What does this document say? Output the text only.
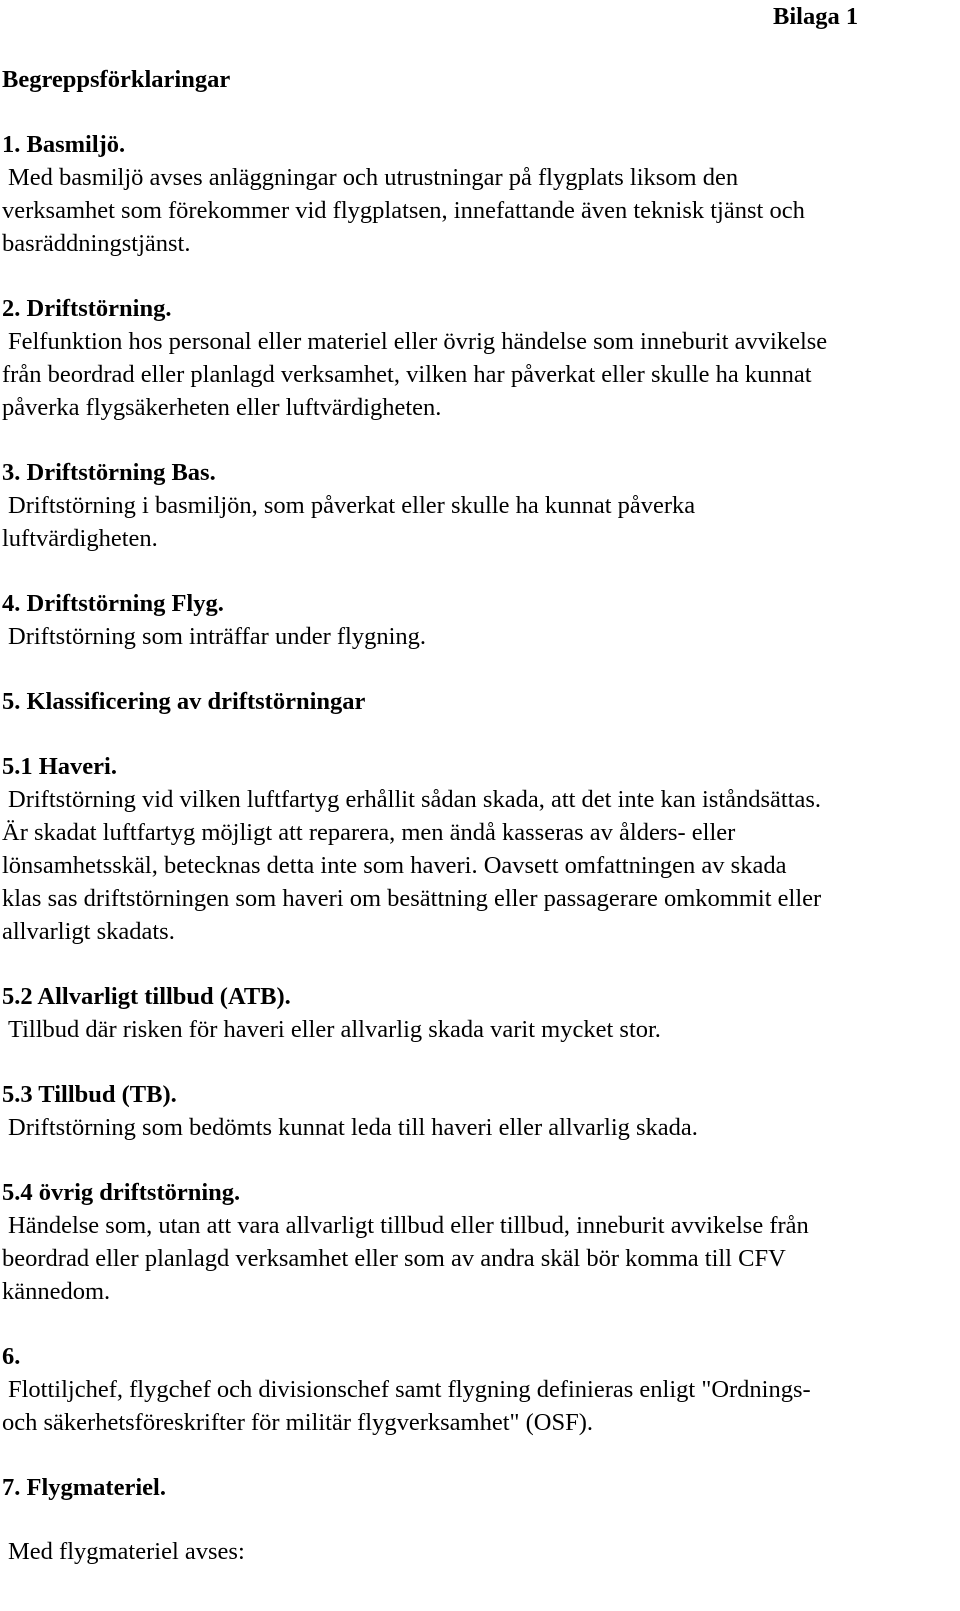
Bilaga 1
Begreppsförklaringar
1. Basmiljö.
Med basmiljö avses anläggningar och utrustningar på flygplats liksom den
verksamhet som förekommer vid flygplatsen, innefattande även teknisk tjänst och
basräddningstjänst.
2. Driftstörning.
Felfunktion hos personal eller materiel eller övrig händelse som inneburit avvikelse
från beordrad eller planlagd verksamhet, vilken har påverkat eller skulle ha kunnat
påverka flygsäkerheten eller luftvärdigheten.
3. Driftstörning Bas.
Driftstörning i basmiljön, som påverkat eller skulle ha kunnat påverka
luftvärdigheten.
4. Driftstörning Flyg.
Driftstörning som inträffar under flygning.
5. Klassificering av driftstörningar
5.1 Haveri.
Driftstörning vid vilken luftfartyg erhållit sådan skada, att det inte kan iståndsättas.
Är skadat luftfartyg möjligt att reparera, men ändå kasseras av ålders- eller
lönsamhetsskäl, betecknas detta inte som haveri. Oavsett omfattningen av skada
klas sas driftstörningen som haveri om besättning eller passagerare omkommit eller
allvarligt skadats.
5.2 Allvarligt tillbud (ATB).
Tillbud där risken för haveri eller allvarlig skada varit mycket stor.
5.3 Tillbud (TB).
Driftstörning som bedömts kunnat leda till haveri eller allvarlig skada.
5.4 övrig driftstörning.
Händelse som, utan att vara allvarligt tillbud eller tillbud, inneburit avvikelse från
beordrad eller planlagd verksamhet eller som av andra skäl bör komma till CFV
kännedom.
6.
Flottiljchef, flygchef och divisionschef samt flygning definieras enligt "Ordnings-
och säkerhetsföreskrifter för militär flygverksamhet" (OSF).
7. Flygmateriel.
Med flygmateriel avses:
